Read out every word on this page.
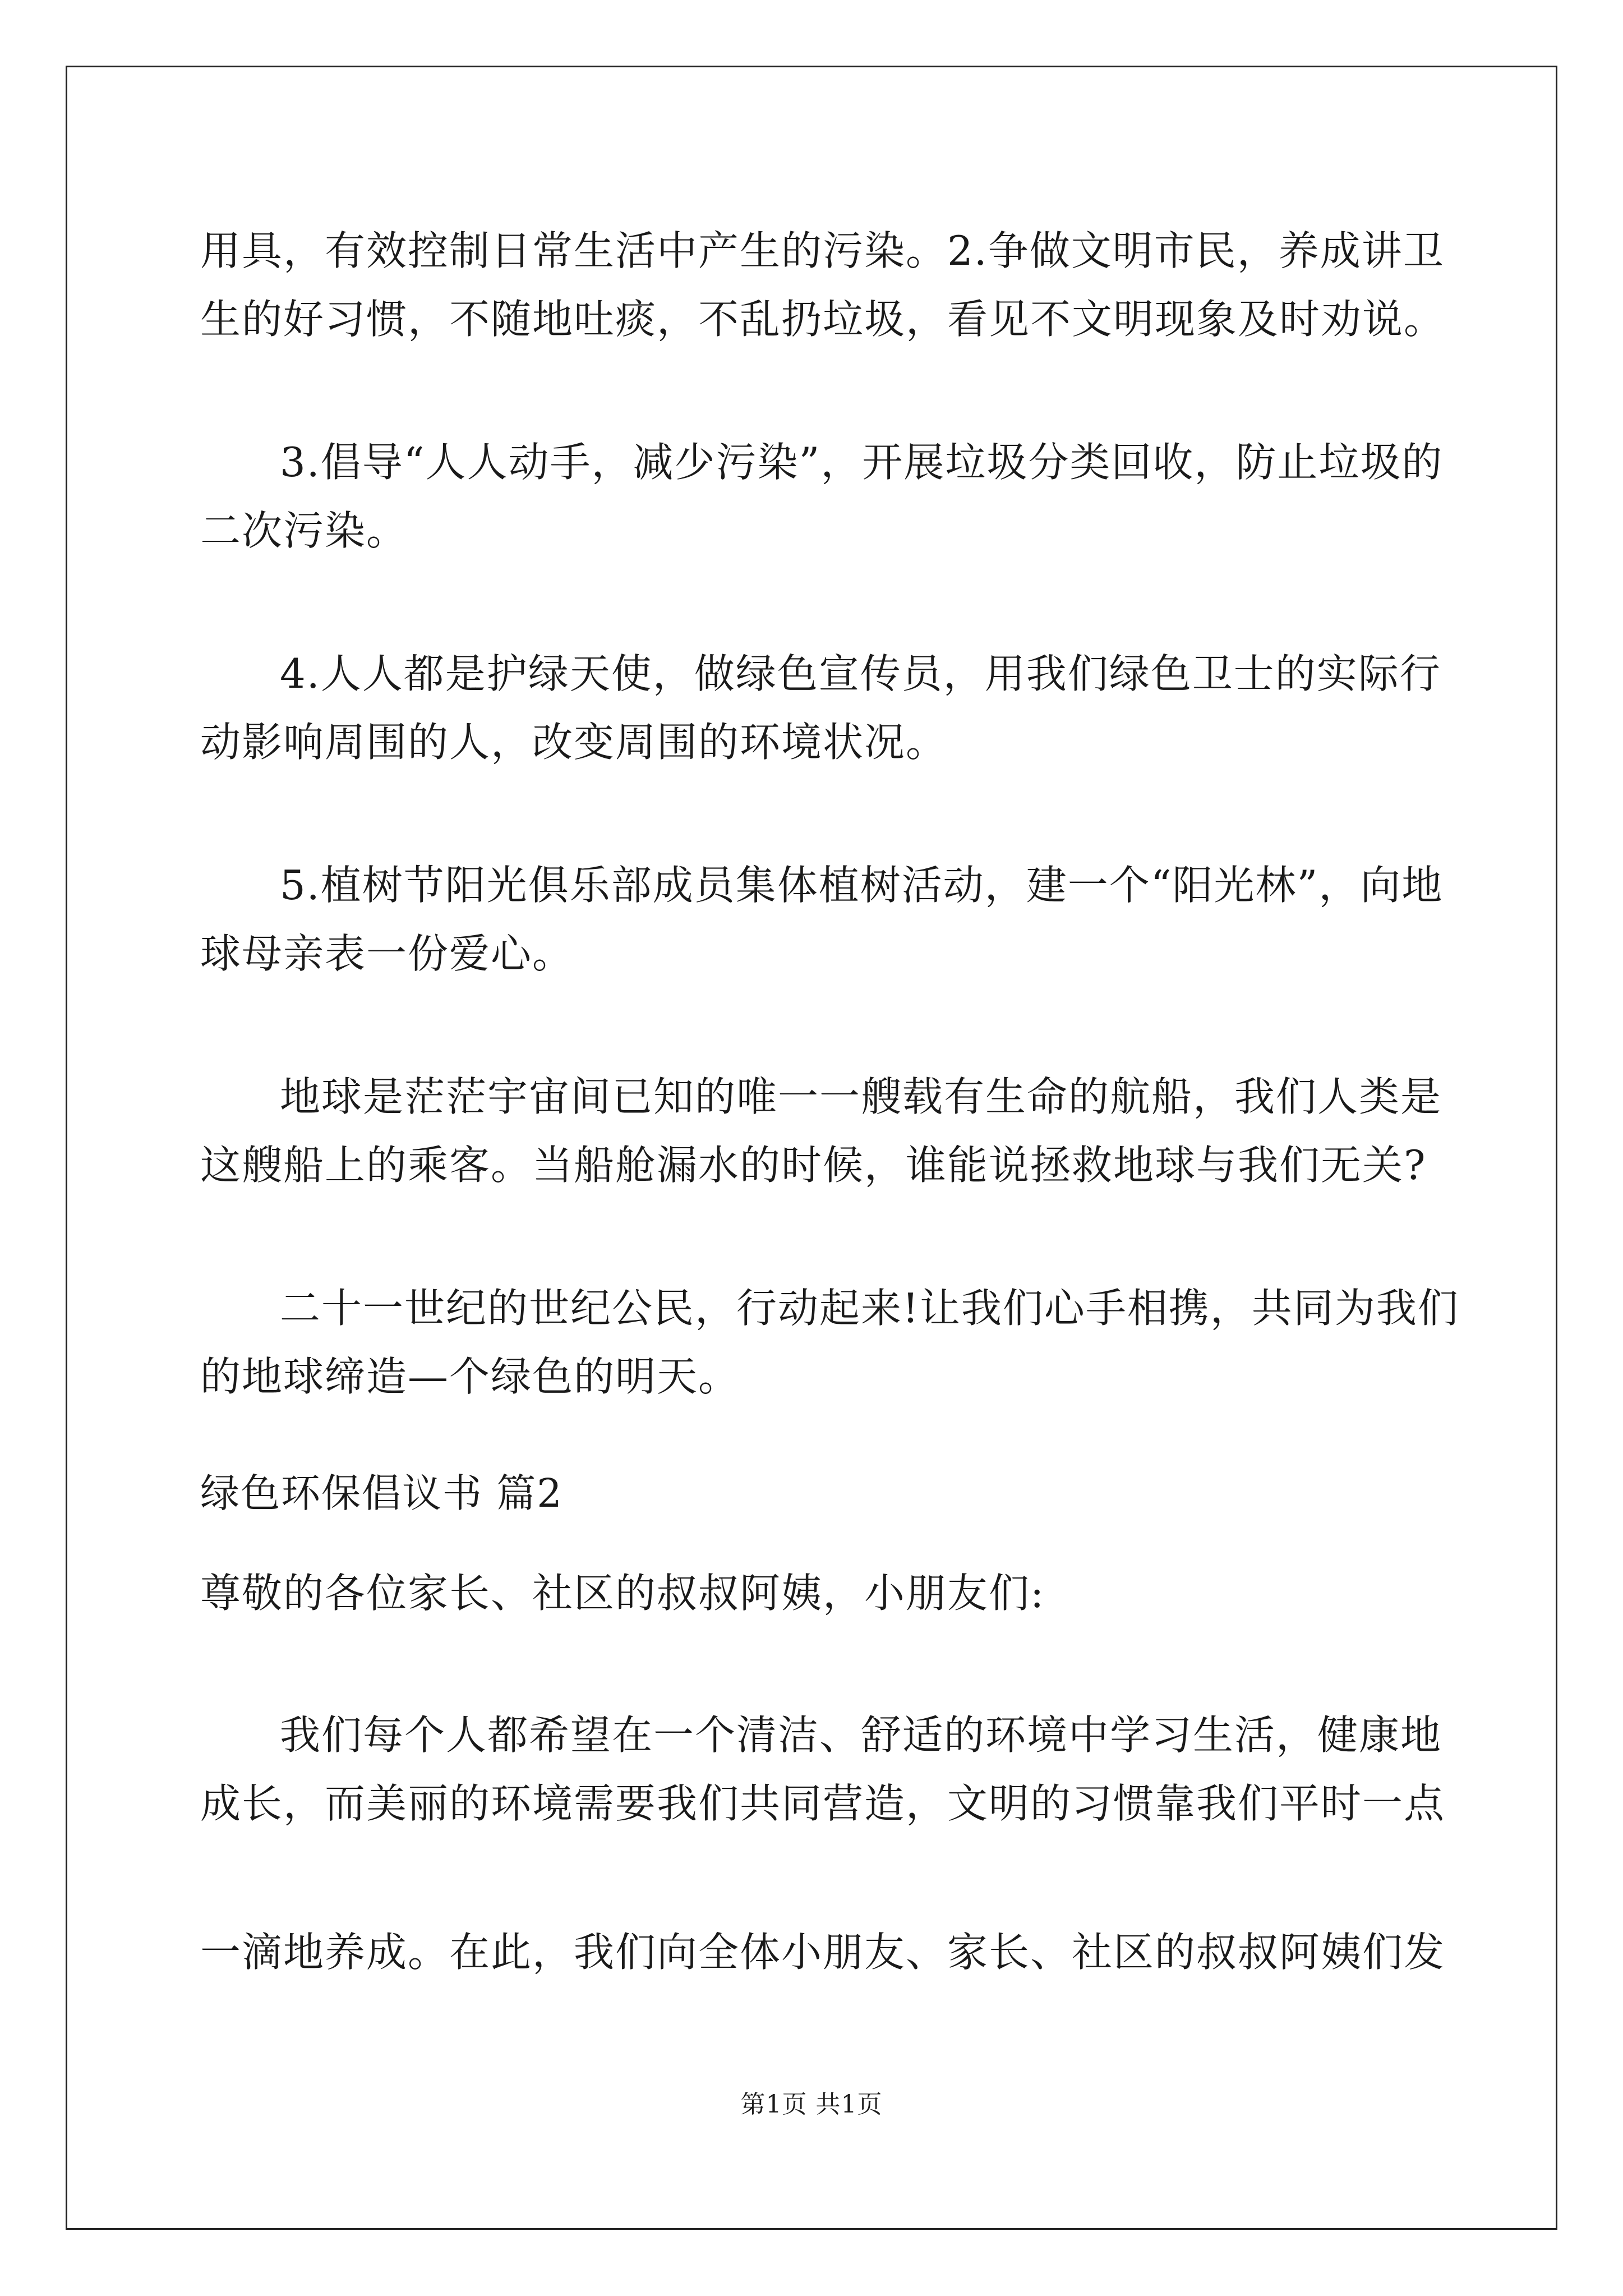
用具，有效控制日常生活中产生的污染。2.争做文明市民，养成讲卫
生的好习惯，不随地吐痰，不乱扔垃圾，看见不文明现象及时劝说。
3.倡导“人人动手，减少污染”，开展垃圾分类回收，防止垃圾的
二次污染。
4.人人都是护绿天使，做绿色宣传员，用我们绿色卫士的实际行
动影响周围的人，改变周围的环境状况。
5.植树节阳光俱乐部成员集体植树活动，建一个“阳光林”，向地
球母亲表一份爱心。
地球是茫茫宇宙间已知的唯一一艘载有生命的航船，我们人类是
这艘船上的乘客。当船舱漏水的时候，谁能说拯救地球与我们无关?
二十一世纪的世纪公民，行动起来!让我们心手相携，共同为我们
的地球缔造—个绿色的明天。
绿色环保倡议书 篇2
尊敬的各位家长、社区的叔叔阿姨，小朋友们:
我们每个人都希望在一个清洁、舒适的环境中学习生活，健康地
成长，而美丽的环境需要我们共同营造，文明的习惯靠我们平时一点
一滴地养成。在此，我们向全体小朋友、家长、社区的叔叔阿姨们发
第1页 共1页
